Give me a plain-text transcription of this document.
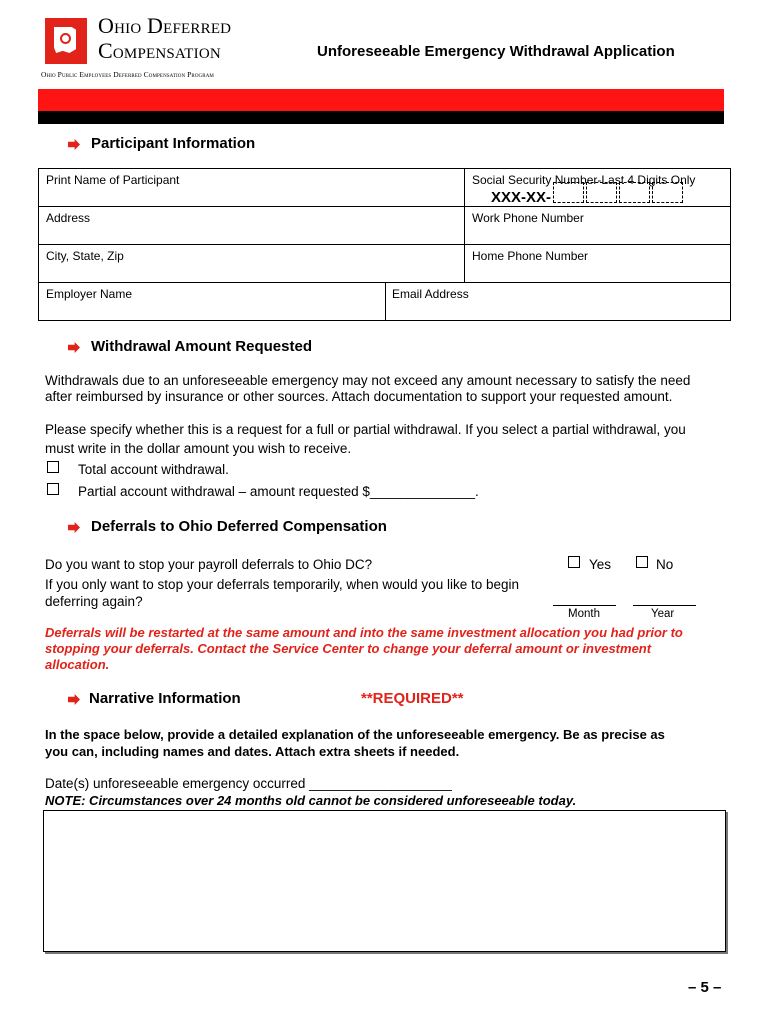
Ohio Deferred
Compensation
Ohio Public Employees Deferred Compensation Program
Unforeseeable Emergency Withdrawal Application
Participant Information
Print Name of Participant	Social Security Number-Last 4 Digits Only
XXX-XX-
Address	Work Phone Number
City, State, Zip	Home Phone Number
Employer Name	Email Address
Withdrawal Amount Requested
Withdrawals due to an unforeseeable emergency may not exceed any amount necessary to satisfy the need
after reimbursed by insurance or other sources. Attach documentation to support your requested amount.
Please specify whether this is a request for a full or partial withdrawal. If you select a partial withdrawal, you
must write in the dollar amount you wish to receive.
Total account withdrawal.
Partial account withdrawal – amount requested $______________.
Deferrals to Ohio Deferred Compensation
Do you want to stop your payroll deferrals to Ohio DC?	Yes	No
If you only want to stop your deferrals temporarily, when would you like to begin
deferring again?
Month	Year
Deferrals will be restarted at the same amount and into the same investment allocation you had prior to
stopping your deferrals. Contact the Service Center to change your deferral amount or investment
allocation.
Narrative Information	**REQUIRED**
In the space below, provide a detailed explanation of the unforeseeable emergency. Be as precise as
you can, including names and dates. Attach extra sheets if needed.
Date(s) unforeseeable emergency occurred ___________________
NOTE: Circumstances over 24 months old cannot be considered unforeseeable today.
– 5 –
